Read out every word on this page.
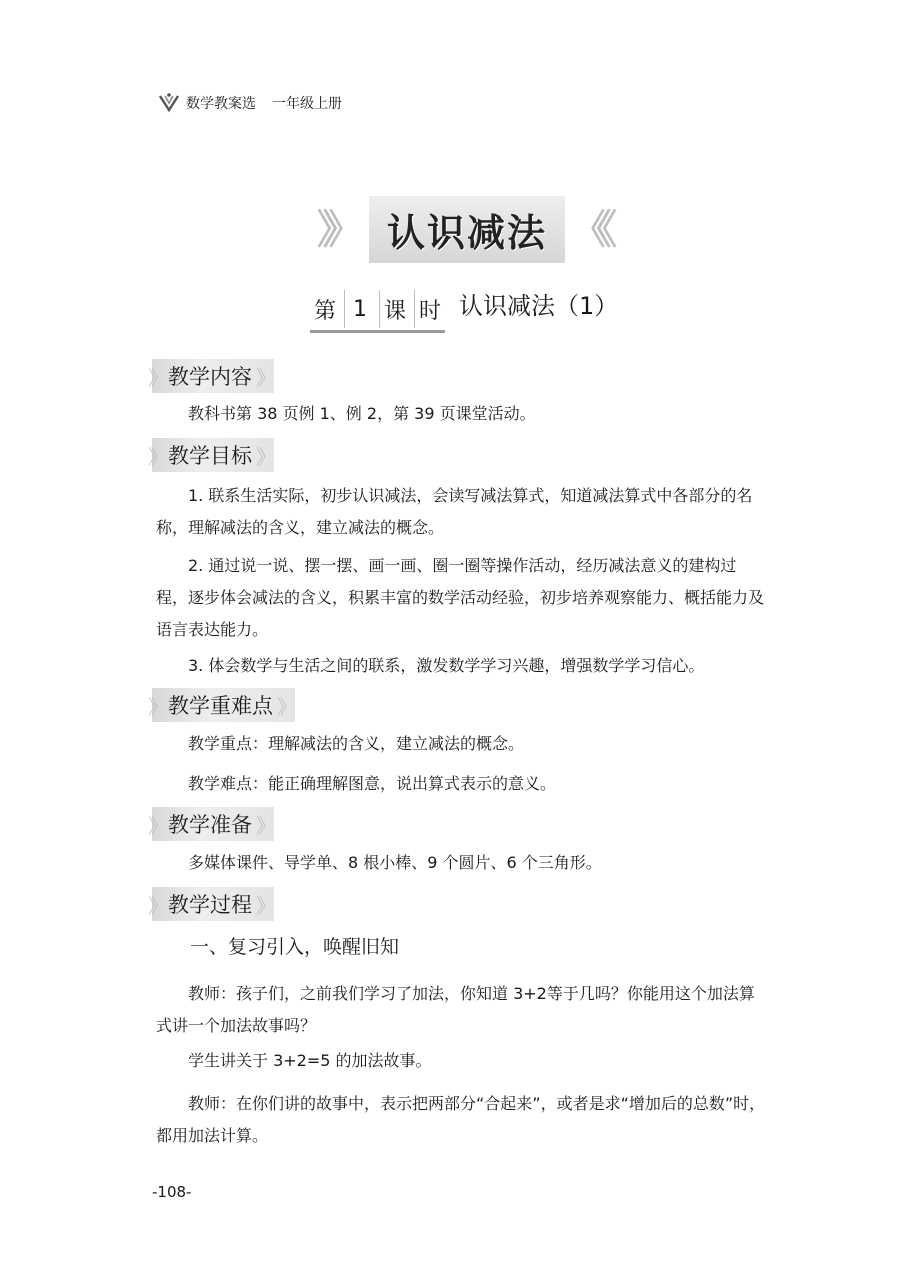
数学教案选 一年级上册
》》	认识减法 《《
第 1 课 时 认识减法（1）
》 教学内容
》

教科书第 38 页例 1、例 2，第 39 页课堂活动。

》 教学目标
》

1. 联系生活实际，初步认识减法，会读写减法算式，知道减法算式中各部分的名称，理解减法的含义，建立减法的概念。

2. 通过说一说、摆一摆、画一画、圈一圈等操作活动，经历减法意义的建构过程，逐步体会减法的含义，积累丰富的数学活动经验，初步培养观察能力、概括能力及语言表达能力。

3. 体会数学与生活之间的联系，激发数学学习兴趣，增强数学学习信心。

》 教学重难点
》

教学重点：理解减法的含义，建立减法的概念。

教学难点：能正确理解图意，说出算式表示的意义。

》 教学准备
》

多媒体课件、导学单、8 根小棒、9 个圆片、6 个三角形。

》 教学过程
》
一、复习引入，唤醒旧知

教师：孩子们，之前我们学习了加法，你知道 3+2等于几吗？你能用这个加法算式讲一个加法故事吗？

学生讲关于 3+2=5 的加法故事。

教师：在你们讲的故事中，表示把两部分“合起来”，或者是求“增加后的总数”时，都用加法计算。

-108-
